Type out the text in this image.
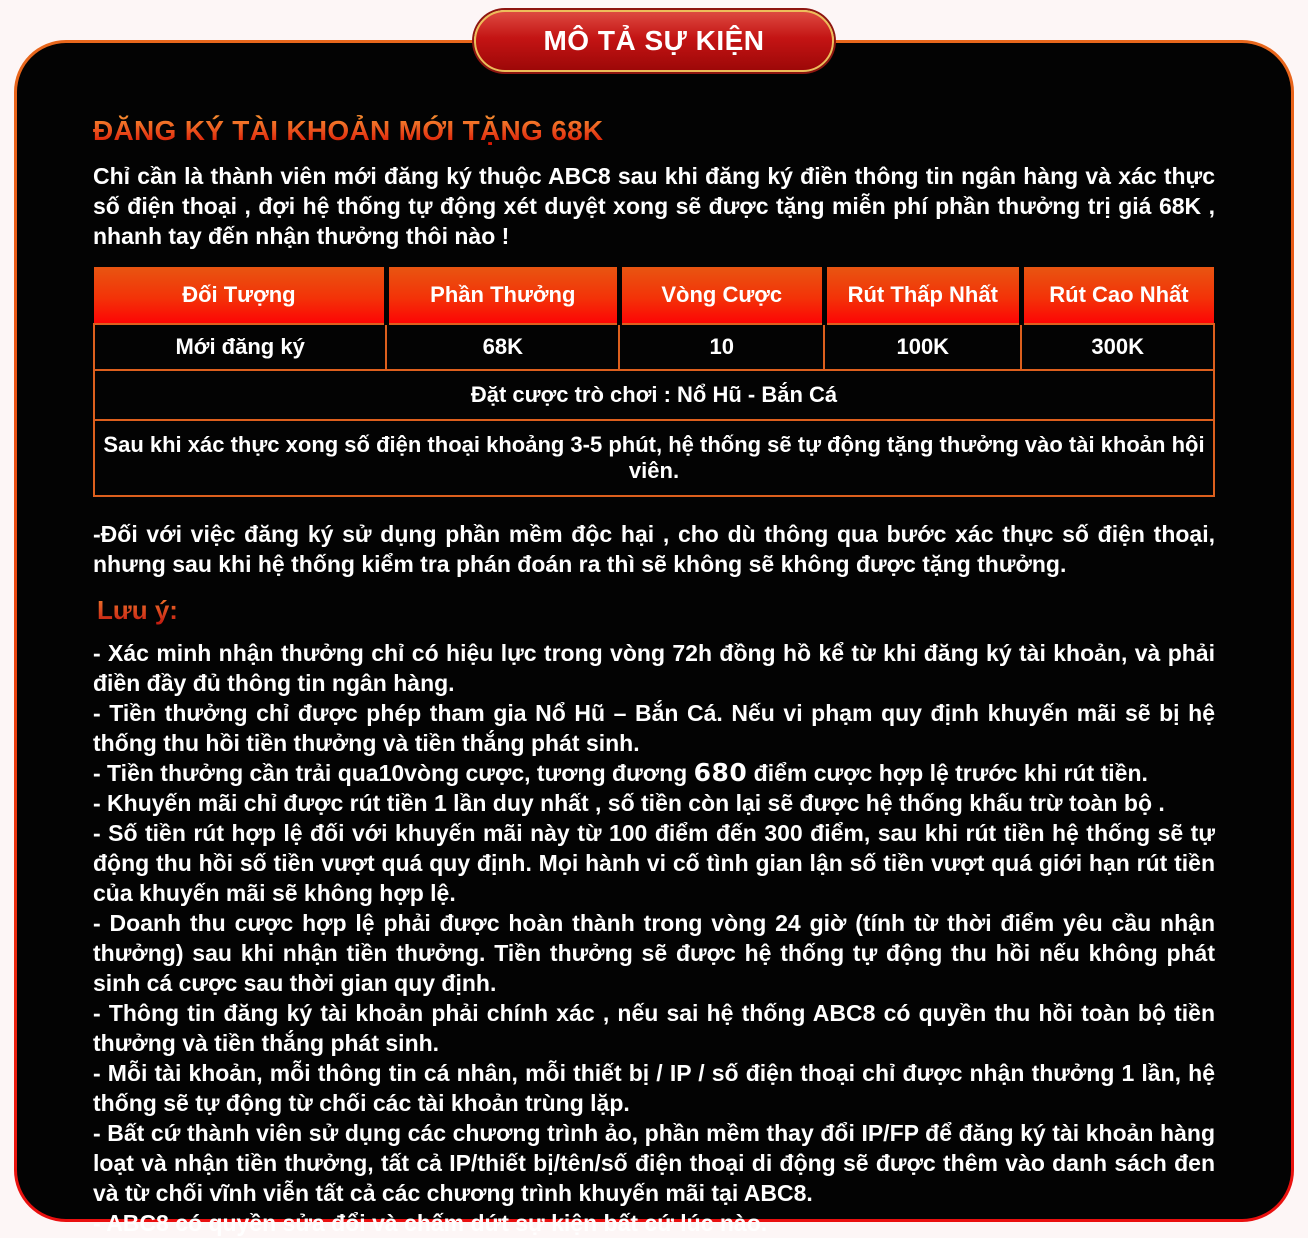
MÔ TẢ SỰ KIỆN
ĐĂNG KÝ TÀI KHOẢN MỚI TẶNG 68K

Chỉ cần là thành viên mới đăng ký thuộc ABC8 sau khi đăng ký điền thông tin ngân hàng và xác thực số điện thoại , đợi hệ thống tự động xét duyệt xong sẽ được tặng miễn phí phần thưởng trị giá 68K , nhanh tay đến nhận thưởng thôi nào !

Đối Tượng	Phần Thưởng	Vòng Cược	Rút Thấp Nhất	Rút Cao Nhất
Mới đăng ký	68K	10	100K	300K
Đặt cược trò chơi : Nổ Hũ - Bắn Cá				
Sau khi xác thực xong số điện thoại khoảng 3-5 phút, hệ thống sẽ tự động tặng thưởng vào tài khoản hội viên.				

-Đối với việc đăng ký sử dụng phần mềm độc hại , cho dù thông qua bước xác thực số điện thoại, nhưng sau khi hệ thống kiểm tra phán đoán ra thì sẽ không sẽ không được tặng thưởng.

Lưu ý:
- Xác minh nhận thưởng chỉ có hiệu lực trong vòng 72h đồng hồ kể từ khi đăng ký tài khoản, và phải điền đầy đủ thông tin ngân hàng.
- Tiền thưởng chỉ được phép tham gia Nổ Hũ – Bắn Cá. Nếu vi phạm quy định khuyến mãi sẽ bị hệ thống thu hồi tiền thưởng và tiền thắng phát sinh.
- Tiền thưởng cần trải qua10vòng cược, tương đương 680 điểm cược hợp lệ trước khi rút tiền.
- Khuyến mãi chỉ được rút tiền 1 lần duy nhất , số tiền còn lại sẽ được hệ thống khấu trừ toàn bộ .
- Số tiền rút hợp lệ đối với khuyến mãi này từ 100 điểm đến 300 điểm, sau khi rút tiền hệ thống sẽ tự động thu hồi số tiền vượt quá quy định. Mọi hành vi cố tình gian lận số tiền vượt quá giới hạn rút tiền của khuyến mãi sẽ không hợp lệ.
- Doanh thu cược hợp lệ phải được hoàn thành trong vòng 24 giờ (tính từ thời điểm yêu cầu nhận thưởng) sau khi nhận tiền thưởng. Tiền thưởng sẽ được hệ thống tự động thu hồi nếu không phát sinh cá cược sau thời gian quy định.
- Thông tin đăng ký tài khoản phải chính xác , nếu sai hệ thống ABC8 có quyền thu hồi toàn bộ tiền thưởng và tiền thắng phát sinh.
- Mỗi tài khoản, mỗi thông tin cá nhân, mỗi thiết bị / IP / số điện thoại chỉ được nhận thưởng 1 lần, hệ thống sẽ tự động từ chối các tài khoản trùng lặp.
- Bất cứ thành viên sử dụng các chương trình ảo, phần mềm thay đổi IP/FP để đăng ký tài khoản hàng loạt và nhận tiền thưởng, tất cả IP/thiết bị/tên/số điện thoại di động sẽ được thêm vào danh sách đen và từ chối vĩnh viễn tất cả các chương trình khuyến mãi tại ABC8.
- ABC8 có quyền sửa đổi và chấm dứt sự kiện bất cứ lúc nào.
